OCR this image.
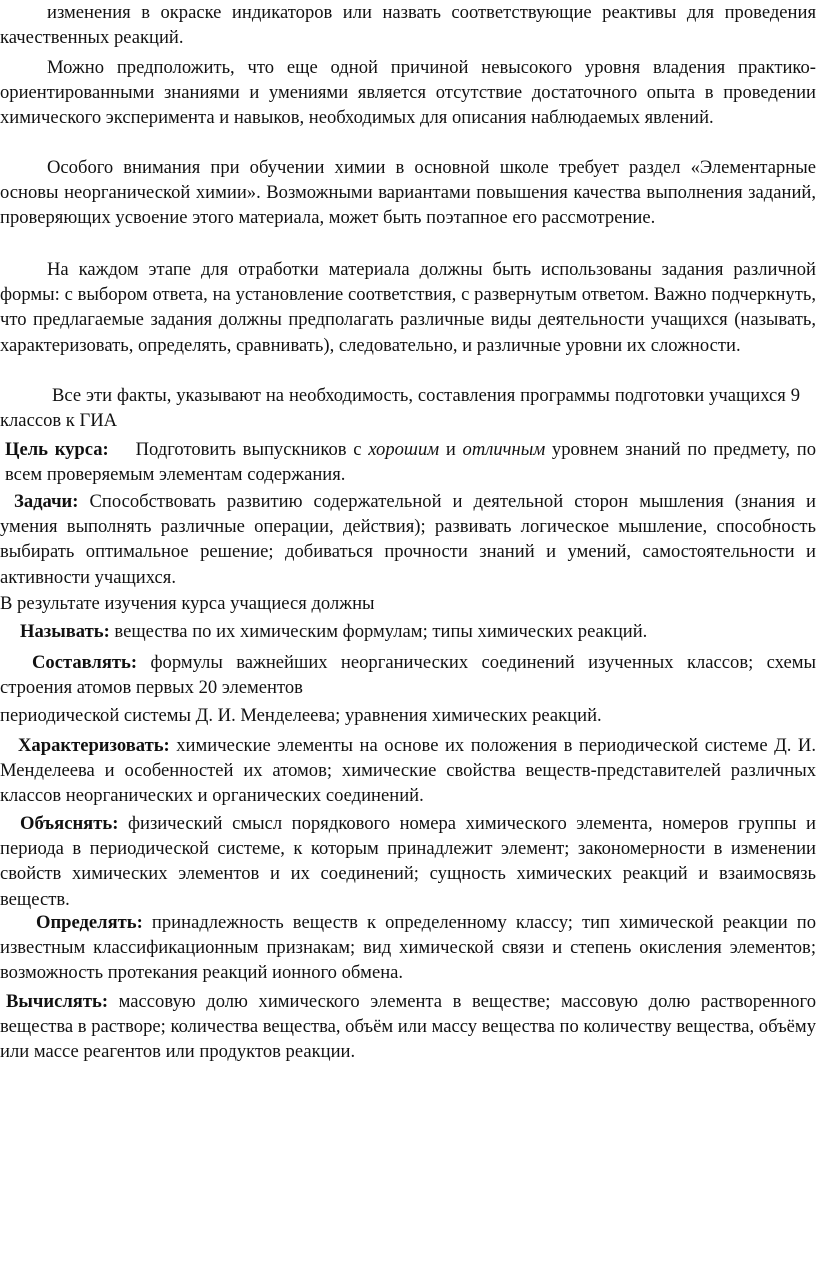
изменения в окраске индикаторов или назвать соответствующие реактивы для проведения качественных реакций.
Можно предположить, что еще одной причиной невысокого уровня владения практико-ориентированными знаниями и умениями является отсутствие достаточного опыта в проведении химического эксперимента и навыков, необходимых для описания наблюдаемых явлений.
Особого внимания при обучении химии в основной школе требует раздел «Элементарные основы неорганической химии». Возможными вариантами повышения качества выполнения заданий, проверяющих усвоение этого материала, может быть поэтапное его рассмотрение.
На каждом этапе для отработки материала должны быть использованы задания различной формы: с выбором ответа, на установление соответствия, с развернутым ответом. Важно подчеркнуть, что предлагаемые задания должны предполагать различные виды деятельности учащихся (называть, характеризовать, определять, сравнивать), следовательно, и различные уровни их сложности.
Все эти факты, указывают на необходимость, составления программы подготовки учащихся 9 классов к ГИА
Цель курса: Подготовить выпускников с хорошим и отличным уровнем знаний по предмету, по всем проверяемым элементам содержания.
Задачи: Способствовать развитию содержательной и деятельной сторон мышления (знания и умения выполнять различные операции, действия); развивать логическое мышление, способность выбирать оптимальное решение; добиваться прочности знаний и умений, самостоятельности и активности учащихся.
В результате изучения курса учащиеся должны
Называть: вещества по их химическим формулам; типы химических реакций.
Составлять: формулы важнейших неорганических соединений изученных классов; схемы строения атомов первых 20 элементов
периодической системы Д. И. Менделеева; уравнения химических реакций.
Характеризовать: химические элементы на основе их положения в периодической системе Д. И. Менделеева и особенностей их атомов; химические свойства веществ-представителей различных классов неорганических и органических соединений.
Объяснять: физический смысл порядкового номера химического элемента, номеров группы и периода в периодической системе, к которым принадлежит элемент; закономерности в изменении свойств химических элементов и их соединений; сущность химических реакций и взаимосвязь веществ.
Определять: принадлежность веществ к определенному классу; тип химической реакции по известным классификационным признакам; вид химической связи и степень окисления элементов; возможность протекания реакций ионного обмена.
Вычислять: массовую долю химического элемента в веществе; массовую долю растворенного вещества в растворе; количества вещества, объём или массу вещества по количеству вещества, объёму или массе реагентов или продуктов реакции.
